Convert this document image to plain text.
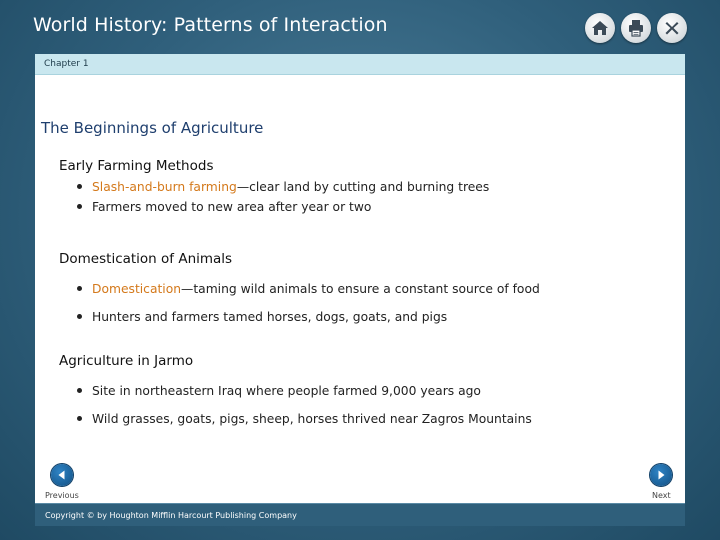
World History: Patterns of Interaction
Chapter 1
The Beginnings of Agriculture
Early Farming Methods
Slash-and-burn farming—clear land by cutting and burning trees
Farmers moved to new area after year or two
Domestication of Animals
Domestication—taming wild animals to ensure a constant source of food
Hunters and farmers tamed horses, dogs, goats, and pigs
Agriculture in Jarmo
Site in northeastern Iraq where people farmed 9,000 years ago
Wild grasses, goats, pigs, sheep, horses thrived near Zagros Mountains
Previous	Next
Copyright © by Houghton Mifflin Harcourt Publishing Company
